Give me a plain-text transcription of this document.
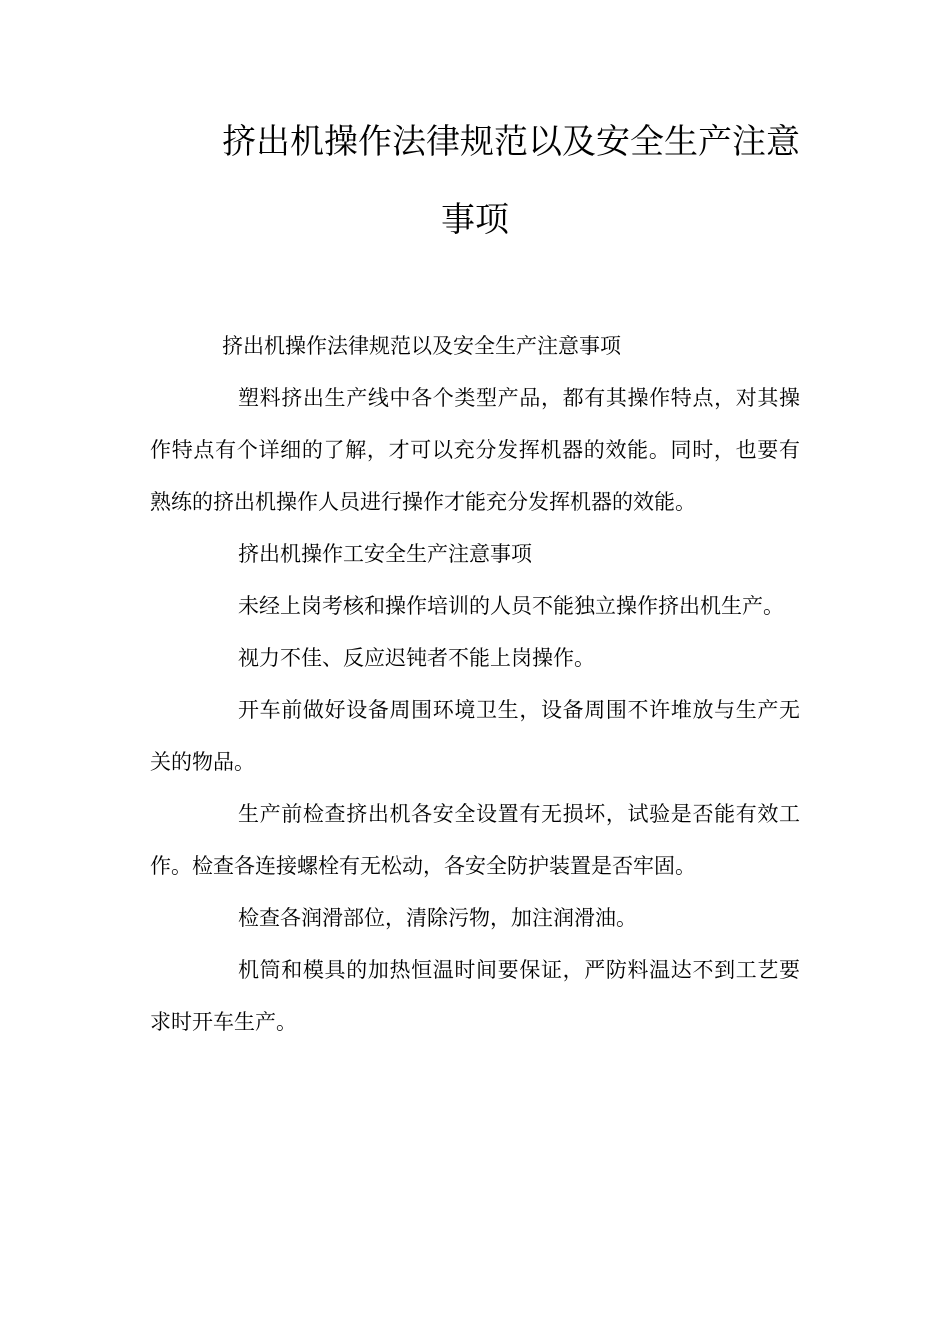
挤出机操作法律规范以及安全生产注意
事项

挤出机操作法律规范以及安全生产注意事项

塑料挤出生产线中各个类型产品，都有其操作特点，对其操作特点有个详细的了解，才可以充分发挥机器的效能。同时，也要有熟练的挤出机操作人员进行操作才能充分发挥机器的效能。

挤出机操作工安全生产注意事项

未经上岗考核和操作培训的人员不能独立操作挤出机生产。

视力不佳、反应迟钝者不能上岗操作。

开车前做好设备周围环境卫生，设备周围不许堆放与生产无关的物品。

生产前检查挤出机各安全设置有无损坏，试验是否能有效工作。检查各连接螺栓有无松动，各安全防护装置是否牢固。

检查各润滑部位，清除污物，加注润滑油。

机筒和模具的加热恒温时间要保证，严防料温达不到工艺要求时开车生产。
